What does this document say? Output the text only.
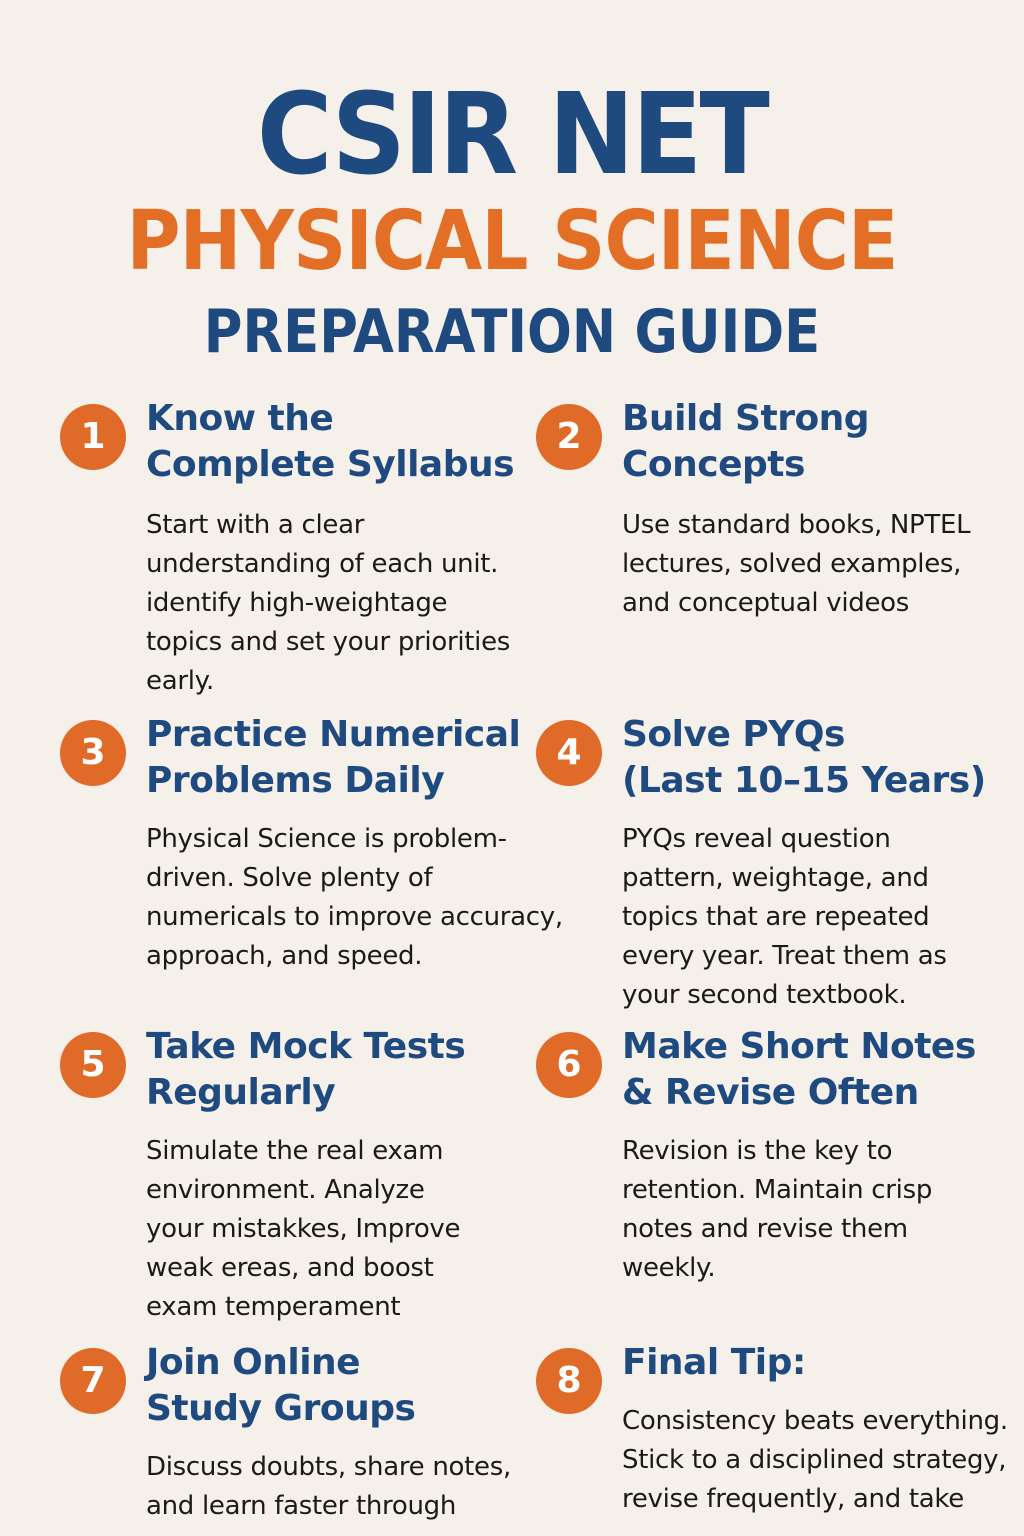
CSIR NET
PHYSICAL SCIENCE
PREPARATION GUIDE
1	Know the
Complete Syllabus
Start with a clear
understanding of each unit.
identify high-weightage
topics and set your priorities
early.
2	Build Strong
Concepts
Use standard books, NPTEL
lectures, solved examples,
and conceptual videos
3	Practice Numerical
Problems Daily
Physical Science is problem-
driven. Solve plenty of
numericals to improve accuracy,
approach, and speed.
4	Solve PYQs
(Last 10–15 Years)
PYQs reveal question
pattern, weightage, and
topics that are repeated
every year. Treat them as
your second textbook.
5	Take Mock Tests
Regularly
Simulate the real exam
environment. Analyze
your mistakkes, Improve
weak ereas, and boost
exam temperament
6	Make Short Notes
& Revise Often
Revision is the key to
retention. Maintain crisp
notes and revise them
weekly.
7	Join Online
Study Groups
Discuss doubts, share notes,
and learn faster through
8	Final Tip:
Consistency beats everything.
Stick to a disciplined strategy,
revise frequently, and take
